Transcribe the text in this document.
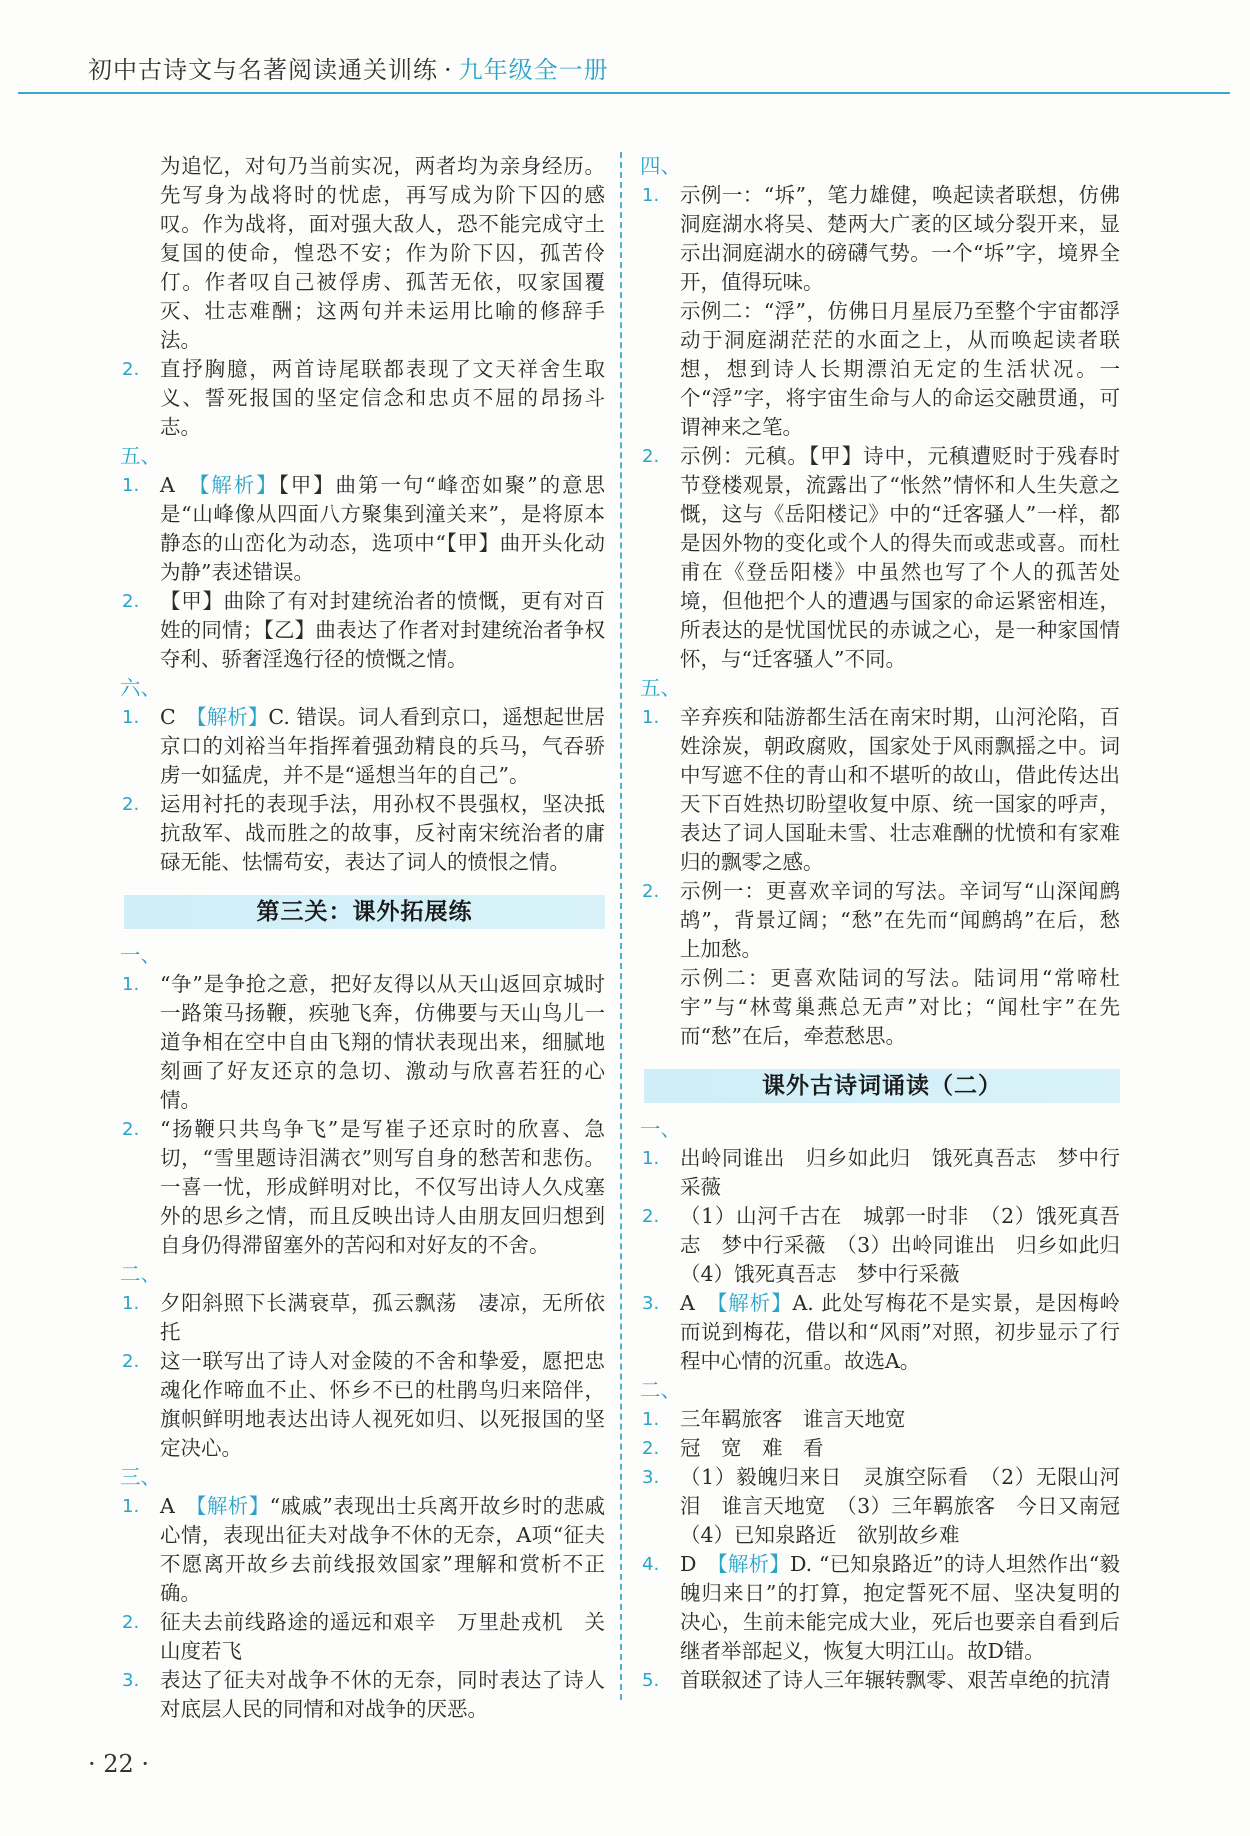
初中古诗文与名著阅读通关训练 · 九年级全一册
为追忆，对句乃当前实况，两者均为亲身经历。先写身为战将时的忧虑，再写成为阶下囚的感叹。作为战将，面对强大敌人，恐不能完成守土复国的使命，惶恐不安；作为阶下囚，孤苦伶仃。作者叹自己被俘虏、孤苦无依，叹家国覆灭、壮志难酬；这两句并未运用比喻的修辞手法。
2. 直抒胸臆，两首诗尾联都表现了文天祥舍生取义、誓死报国的坚定信念和忠贞不屈的昂扬斗志。
五、
1. A　【解析】【甲】曲第一句“峰峦如聚”的意思是“山峰像从四面八方聚集到潼关来”，是将原本静态的山峦化为动态，选项中“【甲】曲开头化动为静”表述错误。
2. 【甲】曲除了有对封建统治者的愤慨，更有对百姓的同情；【乙】曲表达了作者对封建统治者争权夺利、骄奢淫逸行径的愤慨之情。
六、
1. C　【解析】C. 错误。词人看到京口，遥想起世居京口的刘裕当年指挥着强劲精良的兵马，气吞骄虏一如猛虎，并不是“遥想当年的自己”。
2. 运用衬托的表现手法，用孙权不畏强权，坚决抵抗敌军、战而胜之的故事，反衬南宋统治者的庸碌无能、怯懦苟安，表达了词人的愤恨之情。
第三关：课外拓展练
一、
1. “争”是争抢之意，把好友得以从天山返回京城时一路策马扬鞭，疾驰飞奔，仿佛要与天山鸟儿一道争相在空中自由飞翔的情状表现出来，细腻地刻画了好友还京的急切、激动与欣喜若狂的心情。
2. “扬鞭只共鸟争飞”是写崔子还京时的欣喜、急切，“雪里题诗泪满衣”则写自身的愁苦和悲伤。一喜一忧，形成鲜明对比，不仅写出诗人久戍塞外的思乡之情，而且反映出诗人由朋友回归想到自身仍得滞留塞外的苦闷和对好友的不舍。
二、
1. 夕阳斜照下长满衰草，孤云飘荡　凄凉，无所依托
2. 这一联写出了诗人对金陵的不舍和挚爱，愿把忠魂化作啼血不止、怀乡不已的杜鹃鸟归来陪伴，旗帜鲜明地表达出诗人视死如归、以死报国的坚定决心。
三、
1. A　【解析】“戚戚”表现出士兵离开故乡时的悲戚心情，表现出征夫对战争不休的无奈，A项“征夫不愿离开故乡去前线报效国家”理解和赏析不正确。
2. 征夫去前线路途的遥远和艰辛　万里赴戎机　关山度若飞
3. 表达了征夫对战争不休的无奈，同时表达了诗人对底层人民的同情和对战争的厌恶。
四、
1. 示例一：“坼”，笔力雄健，唤起读者联想，仿佛洞庭湖水将吴、楚两大广袤的区域分裂开来，显示出洞庭湖水的磅礴气势。一个“坼”字，境界全开，值得玩味。
示例二：“浮”，仿佛日月星辰乃至整个宇宙都浮动于洞庭湖茫茫的水面之上，从而唤起读者联想，想到诗人长期漂泊无定的生活状况。一个“浮”字，将宇宙生命与人的命运交融贯通，可谓神来之笔。
2. 示例：元稹。【甲】诗中，元稹遭贬时于残春时节登楼观景，流露出了“怅然”情怀和人生失意之慨，这与《岳阳楼记》中的“迁客骚人”一样，都是因外物的变化或个人的得失而或悲或喜。而杜甫在《登岳阳楼》中虽然也写了个人的孤苦处境，但他把个人的遭遇与国家的命运紧密相连，所表达的是忧国忧民的赤诚之心，是一种家国情怀，与“迁客骚人”不同。
五、
1. 辛弃疾和陆游都生活在南宋时期，山河沦陷，百姓涂炭，朝政腐败，国家处于风雨飘摇之中。词中写遮不住的青山和不堪听的故山，借此传达出天下百姓热切盼望收复中原、统一国家的呼声，表达了词人国耻未雪、壮志难酬的忧愤和有家难归的飘零之感。
2. 示例一：更喜欢辛词的写法。辛词写“山深闻鹧鸪”，背景辽阔；“愁”在先而“闻鹧鸪”在后，愁上加愁。
示例二：更喜欢陆词的写法。陆词用“常啼杜宇”与“林莺巢燕总无声”对比；“闻杜宇”在先而“愁”在后，牵惹愁思。
课外古诗词诵读（二）
一、
1. 出岭同谁出　归乡如此归　饿死真吾志　梦中行采薇
2. （1）山河千古在　城郭一时非　（2）饿死真吾志　梦中行采薇　（3）出岭同谁出　归乡如此归　（4）饿死真吾志　梦中行采薇
3. A　【解析】A. 此处写梅花不是实景，是因梅岭而说到梅花，借以和“风雨”对照，初步显示了行程中心情的沉重。故选A。
二、
1. 三年羁旅客　谁言天地宽
2. 冠　宽　难　看
3. （1）毅魄归来日　灵旗空际看　（2）无限山河泪　谁言天地宽　（3）三年羁旅客　今日又南冠　（4）已知泉路近　欲别故乡难
4. D　【解析】D. “已知泉路近”的诗人坦然作出“毅魄归来日”的打算，抱定誓死不屈、坚决复明的决心，生前未能完成大业，死后也要亲自看到后继者举部起义，恢复大明江山。故D错。
5. 首联叙述了诗人三年辗转飘零、艰苦卓绝的抗清
· 22 ·
